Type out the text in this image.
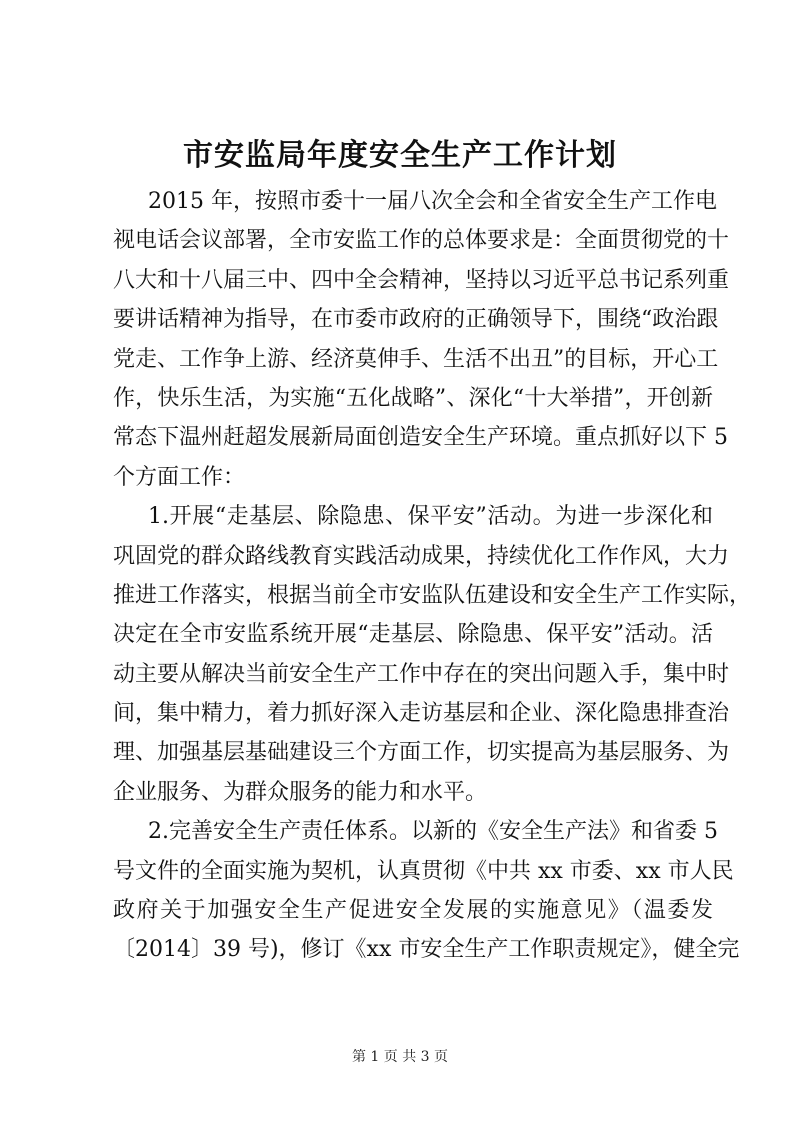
市安监局年度安全生产工作计划
2015 年，按照市委十一届八次全会和全省安全生产工作电
视电话会议部署，全市安监工作的总体要求是：全面贯彻党的十
八大和十八届三中、四中全会精神，坚持以习近平总书记系列重
要讲话精神为指导，在市委市政府的正确领导下，围绕“政治跟
党走、工作争上游、经济莫伸手、生活不出丑”的目标，开心工
作，快乐生活，为实施“五化战略”、深化“十大举措”，开创新
常态下温州赶超发展新局面创造安全生产环境。重点抓好以下 5
个方面工作：
1.开展“走基层、除隐患、保平安”活动。为进一步深化和
巩固党的群众路线教育实践活动成果，持续优化工作作风，大力
推进工作落实，根据当前全市安监队伍建设和安全生产工作实际，
决定在全市安监系统开展“走基层、除隐患、保平安”活动。活
动主要从解决当前安全生产工作中存在的突出问题入手，集中时
间，集中精力，着力抓好深入走访基层和企业、深化隐患排查治
理、加强基层基础建设三个方面工作，切实提高为基层服务、为
企业服务、为群众服务的能力和水平。
2.完善安全生产责任体系。以新的《安全生产法》和省委 5
号文件的全面实施为契机，认真贯彻《中共 xx 市委、xx 市人民
政府关于加强安全生产促进安全发展的实施意见》（温委发
〔2014〕39 号)，修订《xx 市安全生产工作职责规定》，健全完
第 1 页 共 3 页
